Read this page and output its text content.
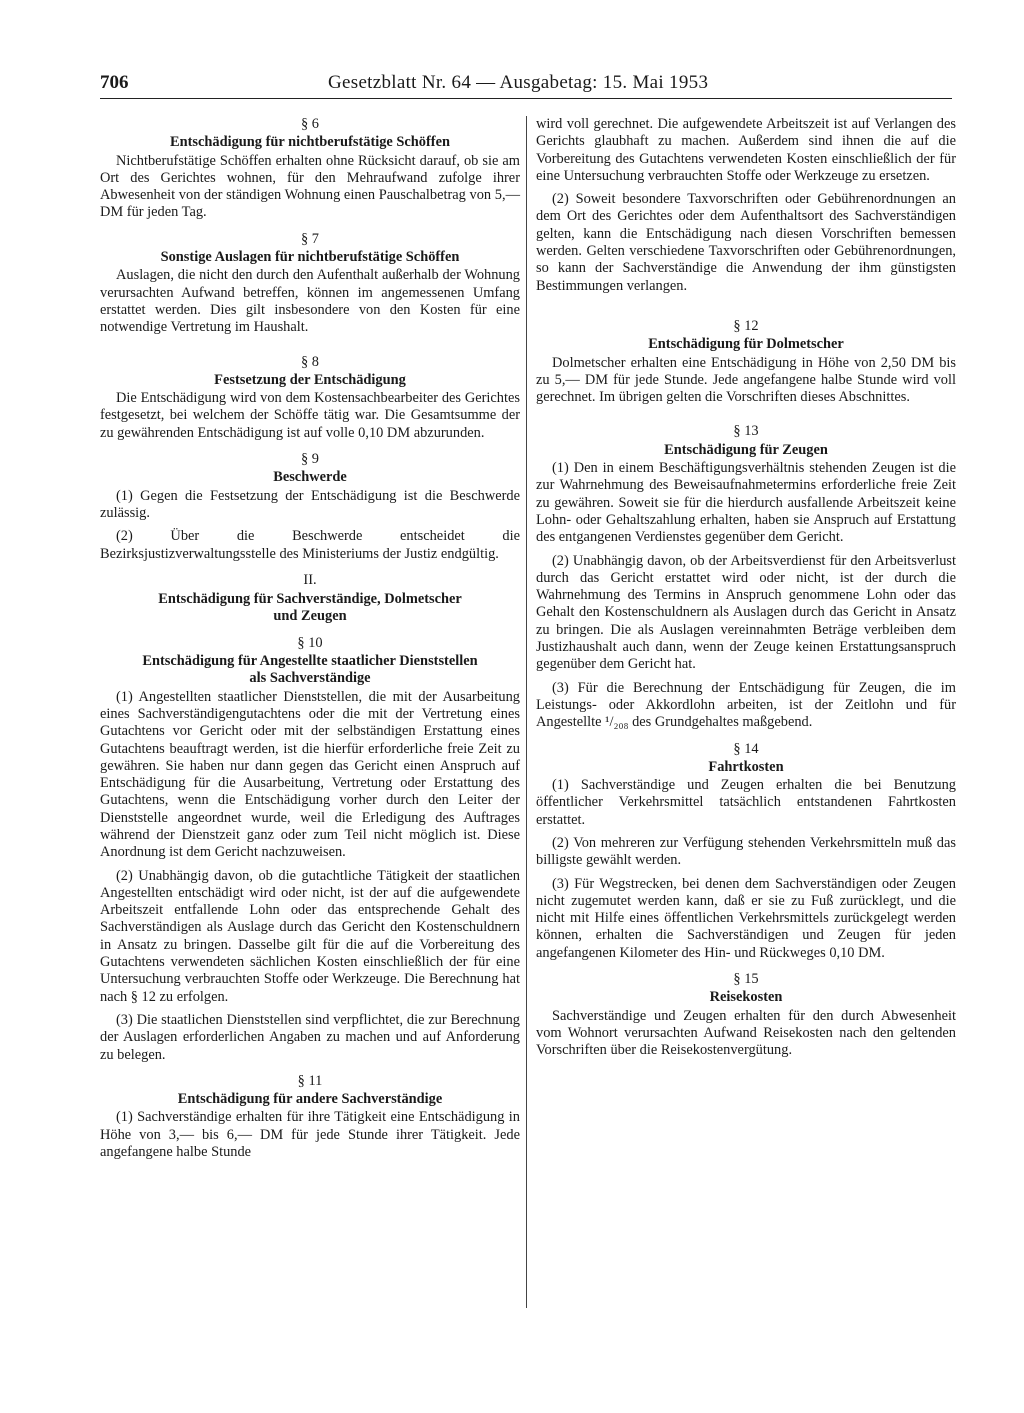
706	Gesetzblatt Nr. 64 — Ausgabetag: 15. Mai 1953
§ 6
Entschädigung für nichtberufstätige Schöffen

Nichtberufstätige Schöffen erhalten ohne Rücksicht darauf, ob sie am Ort des Gerichtes wohnen, für den Mehraufwand zufolge ihrer Abwesenheit von der ständigen Wohnung einen Pauschalbetrag von 5,— DM für jeden Tag.

§ 7
Sonstige Auslagen für nichtberufstätige Schöffen

Auslagen, die nicht den durch den Aufenthalt außerhalb der Wohnung verursachten Aufwand betreffen, können im angemessenen Umfang erstattet werden. Dies gilt insbesondere von den Kosten für eine notwendige Vertretung im Haushalt.

§ 8
Festsetzung der Entschädigung

Die Entschädigung wird von dem Kostensachbearbeiter des Gerichtes festgesetzt, bei welchem der Schöffe tätig war. Die Gesamtsumme der zu gewährenden Entschädigung ist auf volle 0,10 DM abzurunden.

§ 9
Beschwerde

(1) Gegen die Festsetzung der Entschädigung ist die Beschwerde zulässig.

(2) Über die Beschwerde entscheidet die Bezirksjustizverwaltungsstelle des Ministeriums der Justiz endgültig.

II.
Entschädigung für Sachverständige, Dolmetscher
und Zeugen
§ 10
Entschädigung für Angestellte staatlicher Dienststellen
als Sachverständige

(1) Angestellten staatlicher Dienststellen, die mit der Ausarbeitung eines Sachverständigengutachtens oder die mit der Vertretung eines Gutachtens vor Gericht oder mit der selbständigen Erstattung eines Gutachtens beauftragt werden, ist die hierfür erforderliche freie Zeit zu gewähren. Sie haben nur dann gegen das Gericht einen Anspruch auf Entschädigung für die Ausarbeitung, Vertretung oder Erstattung des Gutachtens, wenn die Entschädigung vorher durch den Leiter der Dienststelle angeordnet wurde, weil die Erledigung des Auftrages während der Dienstzeit ganz oder zum Teil nicht möglich ist. Diese Anordnung ist dem Gericht nachzuweisen.

(2) Unabhängig davon, ob die gutachtliche Tätigkeit der staatlichen Angestellten entschädigt wird oder nicht, ist der auf die aufgewendete Arbeitszeit entfallende Lohn oder das entsprechende Gehalt des Sachverständigen als Auslage durch das Gericht den Kostenschuldnern in Ansatz zu bringen. Dasselbe gilt für die auf die Vorbereitung des Gutachtens verwendeten sächlichen Kosten einschließlich der für eine Untersuchung verbrauchten Stoffe oder Werkzeuge. Die Berechnung hat nach § 12 zu erfolgen.

(3) Die staatlichen Dienststellen sind verpflichtet, die zur Berechnung der Auslagen erforderlichen Angaben zu machen und auf Anforderung zu belegen.

§ 11
Entschädigung für andere Sachverständige

(1) Sachverständige erhalten für ihre Tätigkeit eine Entschädigung in Höhe von 3,— bis 6,— DM für jede Stunde ihrer Tätigkeit. Jede angefangene halbe Stunde

wird voll gerechnet. Die aufgewendete Arbeitszeit ist auf Verlangen des Gerichts glaubhaft zu machen. Außerdem sind ihnen die auf die Vorbereitung des Gutachtens verwendeten Kosten einschließlich der für eine Untersuchung verbrauchten Stoffe oder Werkzeuge zu ersetzen.

(2) Soweit besondere Taxvorschriften oder Gebührenordnungen an dem Ort des Gerichtes oder dem Aufenthaltsort des Sachverständigen gelten, kann die Entschädigung nach diesen Vorschriften bemessen werden. Gelten verschiedene Taxvorschriften oder Gebührenordnungen, so kann der Sachverständige die Anwendung der ihm günstigsten Bestimmungen verlangen.

§ 12
Entschädigung für Dolmetscher

Dolmetscher erhalten eine Entschädigung in Höhe von 2,50 DM bis zu 5,— DM für jede Stunde. Jede angefangene halbe Stunde wird voll gerechnet. Im übrigen gelten die Vorschriften dieses Abschnittes.

§ 13
Entschädigung für Zeugen

(1) Den in einem Beschäftigungsverhältnis stehenden Zeugen ist die zur Wahrnehmung des Beweisaufnahmetermins erforderliche freie Zeit zu gewähren. Soweit sie für die hierdurch ausfallende Arbeitszeit keine Lohn- oder Gehaltszahlung erhalten, haben sie Anspruch auf Erstattung des entgangenen Verdienstes gegenüber dem Gericht.

(2) Unabhängig davon, ob der Arbeitsverdienst für den Arbeitsverlust durch das Gericht erstattet wird oder nicht, ist der durch die Wahrnehmung des Termins in Anspruch genommene Lohn oder das Gehalt den Kostenschuldnern als Auslagen durch das Gericht in Ansatz zu bringen. Die als Auslagen vereinnahmten Beträge verbleiben dem Justizhaushalt auch dann, wenn der Zeuge keinen Erstattungsanspruch gegenüber dem Gericht hat.

(3) Für die Berechnung der Entschädigung für Zeugen, die im Leistungs- oder Akkordlohn arbeiten, ist der Zeitlohn und für Angestellte ¹/₂₀₈ des Grundgehaltes maßgebend.

§ 14
Fahrtkosten

(1) Sachverständige und Zeugen erhalten die bei Benutzung öffentlicher Verkehrsmittel tatsächlich entstandenen Fahrtkosten erstattet.

(2) Von mehreren zur Verfügung stehenden Verkehrsmitteln muß das billigste gewählt werden.

(3) Für Wegstrecken, bei denen dem Sachverständigen oder Zeugen nicht zugemutet werden kann, daß er sie zu Fuß zurücklegt, und die nicht mit Hilfe eines öffentlichen Verkehrsmittels zurückgelegt werden können, erhalten die Sachverständigen und Zeugen für jeden angefangenen Kilometer des Hin- und Rückweges 0,10 DM.

§ 15
Reisekosten

Sachverständige und Zeugen erhalten für den durch Abwesenheit vom Wohnort verursachten Aufwand Reisekosten nach den geltenden Vorschriften über die Reisekostenvergütung.
